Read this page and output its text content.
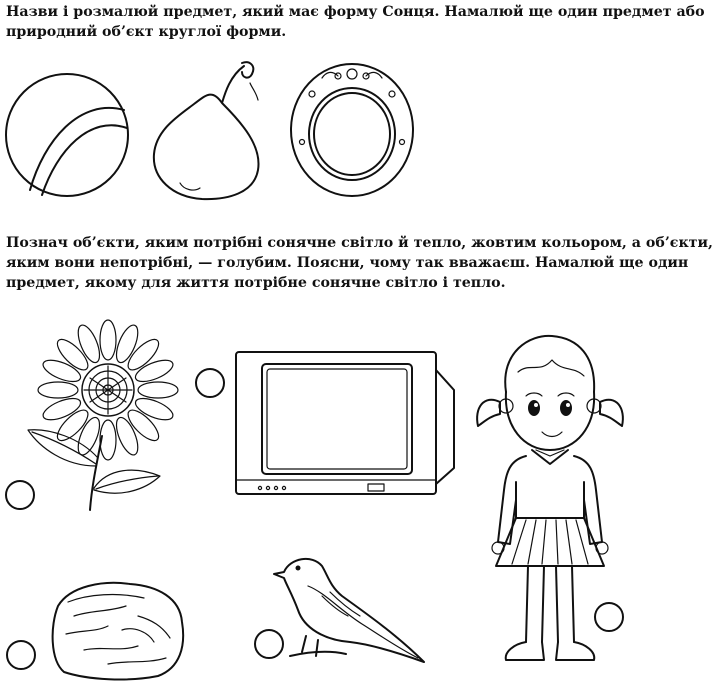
Назви і розмалюй предмет, який має форму Сонця. Намалюй ще один предмет або
природний об’єкт круглої форми.

Познач об’єкти, яким потрібні сонячне світло й тепло, жовтим кольором, а об’єкти,
яким вони непотрібні, — голубим. Поясни, чому так вважаєш. Намалюй ще один
предмет, якому для життя потрібне сонячне світло і тепло.
